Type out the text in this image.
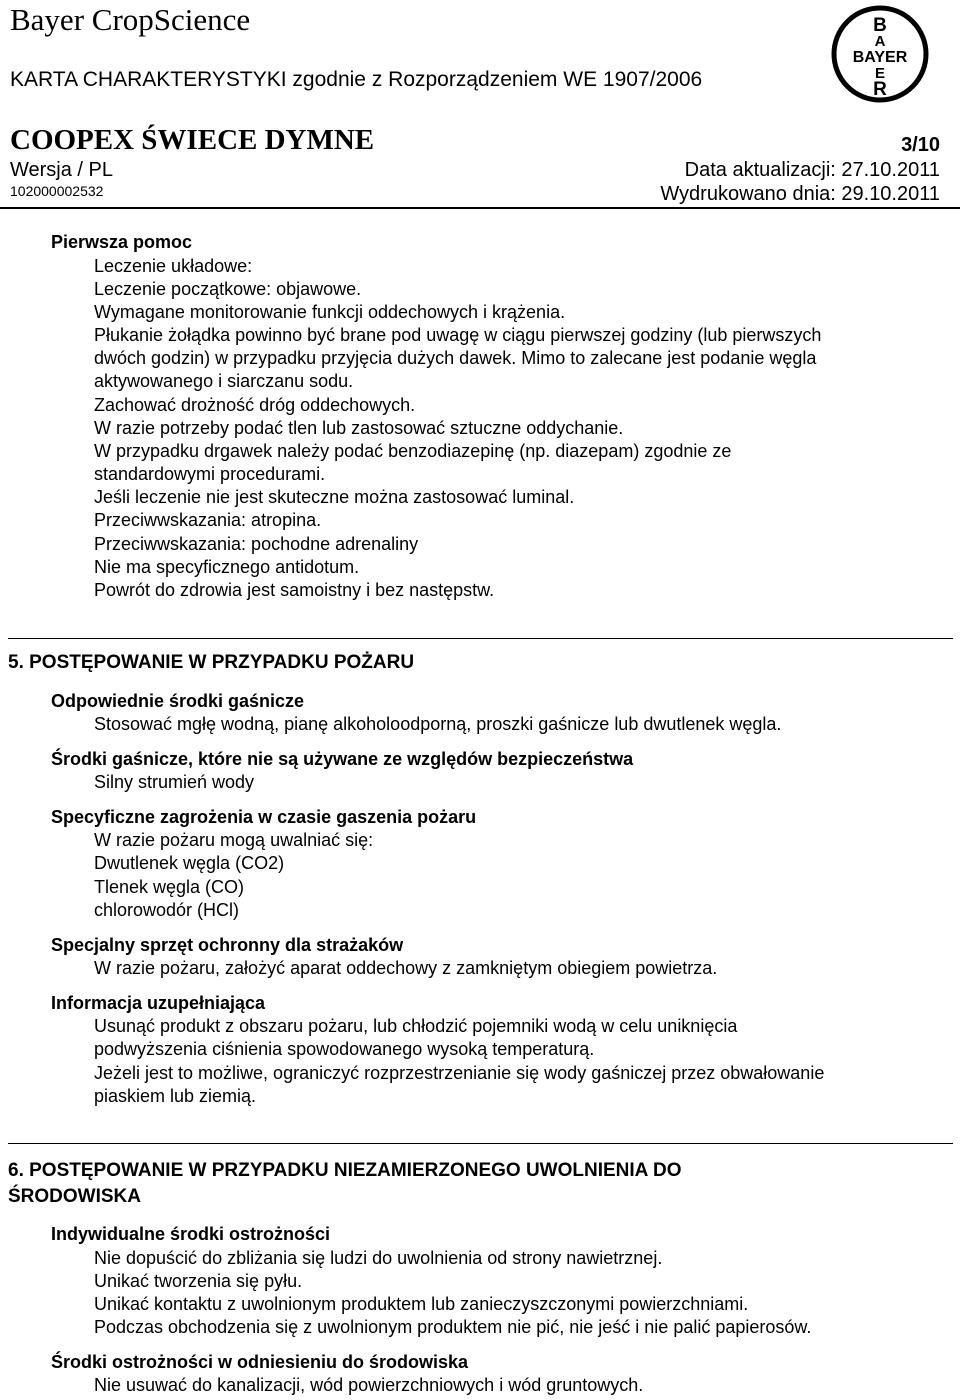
Bayer CropScience
KARTA CHARAKTERYSTYKI zgodnie z Rozporządzeniem WE 1907/2006
COOPEX ŚWIECE DYMNE	3/10
Wersja / PL
102000002532
Data aktualizacji: 27.10.2011
Wydrukowano dnia: 29.10.2011
B
A
BAYER
E
R
Pierwsza pomoc
Leczenie układowe:
Leczenie początkowe: objawowe.
Wymagane monitorowanie funkcji oddechowych i krążenia.
Płukanie żołądka powinno być brane pod uwagę w ciągu pierwszej godziny (lub pierwszych
dwóch godzin) w przypadku przyjęcia dużych dawek. Mimo to zalecane jest podanie węgla
aktywowanego i siarczanu sodu.
Zachować drożność dróg oddechowych.
W razie potrzeby podać tlen lub zastosować sztuczne oddychanie.
W przypadku drgawek należy podać benzodiazepinę (np. diazepam) zgodnie ze
standardowymi procedurami.
Jeśli leczenie nie jest skuteczne można zastosować luminal.
Przeciwwskazania: atropina.
Przeciwwskazania: pochodne adrenaliny
Nie ma specyficznego antidotum.
Powrót do zdrowia jest samoistny i bez następstw.
5. POSTĘPOWANIE W PRZYPADKU POŻARU
Odpowiednie środki gaśnicze
Stosować mgłę wodną, pianę alkoholoodporną, proszki gaśnicze lub dwutlenek węgla.
Środki gaśnicze, które nie są używane ze względów bezpieczeństwa
Silny strumień wody
Specyficzne zagrożenia w czasie gaszenia pożaru
W razie pożaru mogą uwalniać się:
Dwutlenek węgla (CO2)
Tlenek węgla (CO)
chlorowodór (HCl)
Specjalny sprzęt ochronny dla strażaków
W razie pożaru, założyć aparat oddechowy z zamkniętym obiegiem powietrza.
Informacja uzupełniająca
Usunąć produkt z obszaru pożaru, lub chłodzić pojemniki wodą w celu uniknięcia
podwyższenia ciśnienia spowodowanego wysoką temperaturą.
Jeżeli jest to możliwe, ograniczyć rozprzestrzenianie się wody gaśniczej przez obwałowanie
piaskiem lub ziemią.
6. POSTĘPOWANIE W PRZYPADKU NIEZAMIERZONEGO UWOLNIENIA DO
ŚRODOWISKA
Indywidualne środki ostrożności
Nie dopuścić do zbliżania się ludzi do uwolnienia od strony nawietrznej.
Unikać tworzenia się pyłu.
Unikać kontaktu z uwolnionym produktem lub zanieczyszczonymi powierzchniami.
Podczas obchodzenia się z uwolnionym produktem nie pić, nie jeść i nie palić papierosów.
Środki ostrożności w odniesieniu do środowiska
Nie usuwać do kanalizacji, wód powierzchniowych i wód gruntowych.
